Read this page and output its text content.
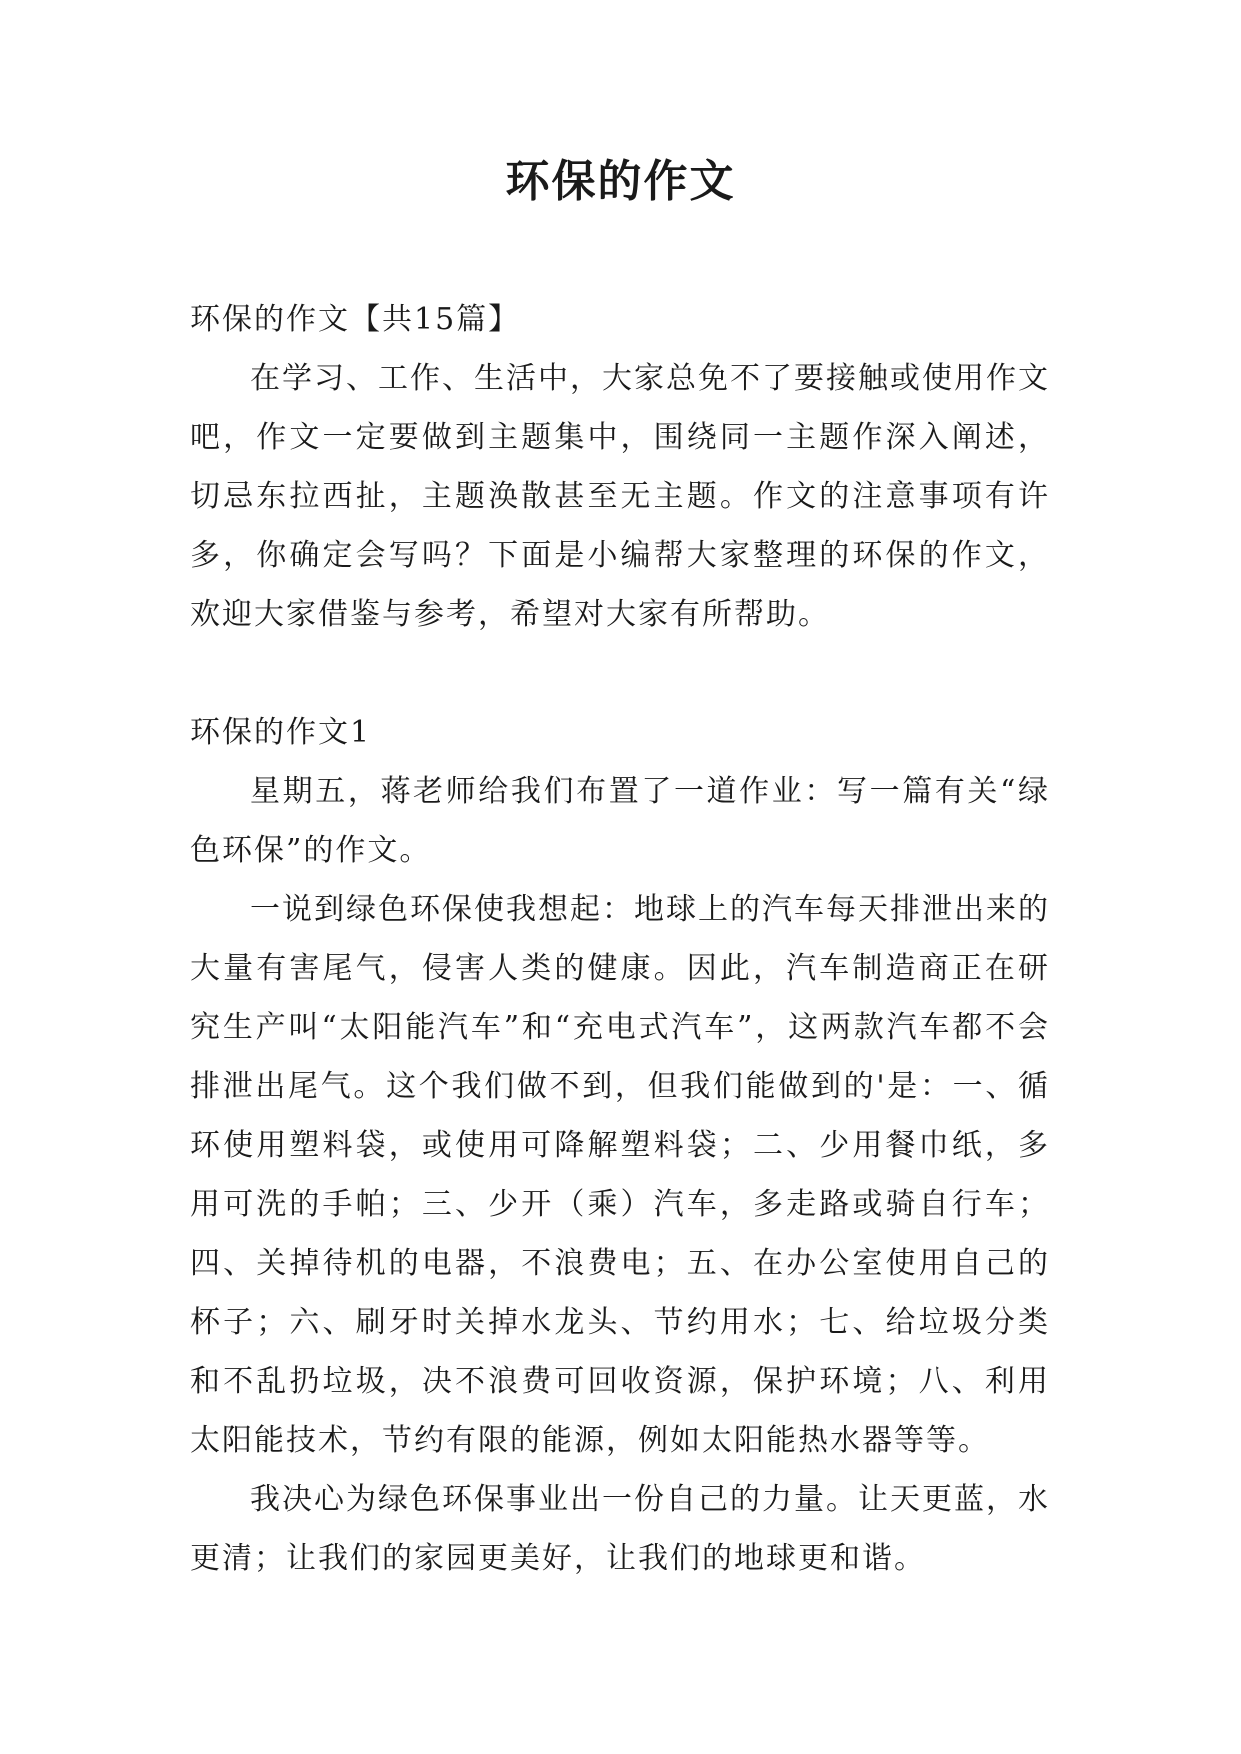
环保的作文

环保的作文【共15篇】

在学习、工作、生活中，大家总免不了要接触或使用作文吧，作文一定要做到主题集中，围绕同一主题作深入阐述，切忌东拉西扯，主题涣散甚至无主题。作文的注意事项有许多，你确定会写吗？下面是小编帮大家整理的环保的作文，欢迎大家借鉴与参考，希望对大家有所帮助。

环保的作文1

星期五，蒋老师给我们布置了一道作业：写一篇有关“绿色环保”的作文。

一说到绿色环保使我想起：地球上的汽车每天排泄出来的大量有害尾气，侵害人类的健康。因此，汽车制造商正在研究生产叫“太阳能汽车”和“充电式汽车”，这两款汽车都不会排泄出尾气。这个我们做不到，但我们能做到的'是：一、循环使用塑料袋，或使用可降解塑料袋；二、少用餐巾纸，多用可洗的手帕；三、少开（乘）汽车，多走路或骑自行车；四、关掉待机的电器，不浪费电；五、在办公室使用自己的杯子；六、刷牙时关掉水龙头、节约用水；七、给垃圾分类和不乱扔垃圾，决不浪费可回收资源，保护环境；八、利用太阳能技术，节约有限的能源，例如太阳能热水器等等。

我决心为绿色环保事业出一份自己的力量。让天更蓝，水更清；让我们的家园更美好，让我们的地球更和谐。
